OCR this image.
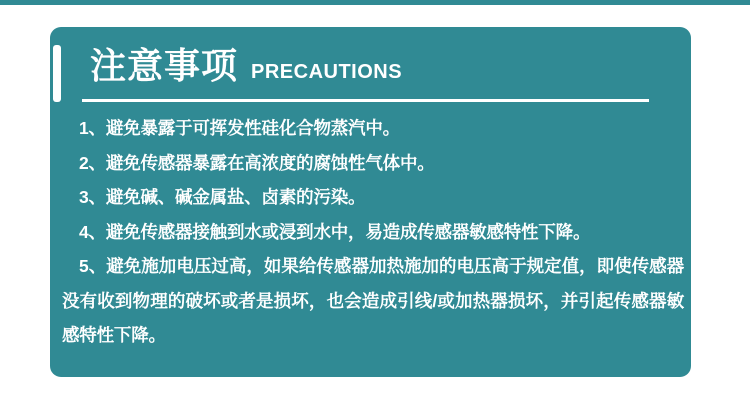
注意事项 PRECAUTIONS

1、避免暴露于可挥发性硅化合物蒸汽中。

2、避免传感器暴露在高浓度的腐蚀性气体中。

3、避免碱、碱金属盐、卤素的污染。

4、避免传感器接触到水或浸到水中，易造成传感器敏感特性下降。

5、避免施加电压过高，如果给传感器加热施加的电压高于规定值，即使传感器没有收到物理的破坏或者是损坏，也会造成引线/或加热器损坏，并引起传感器敏感特性下降。
